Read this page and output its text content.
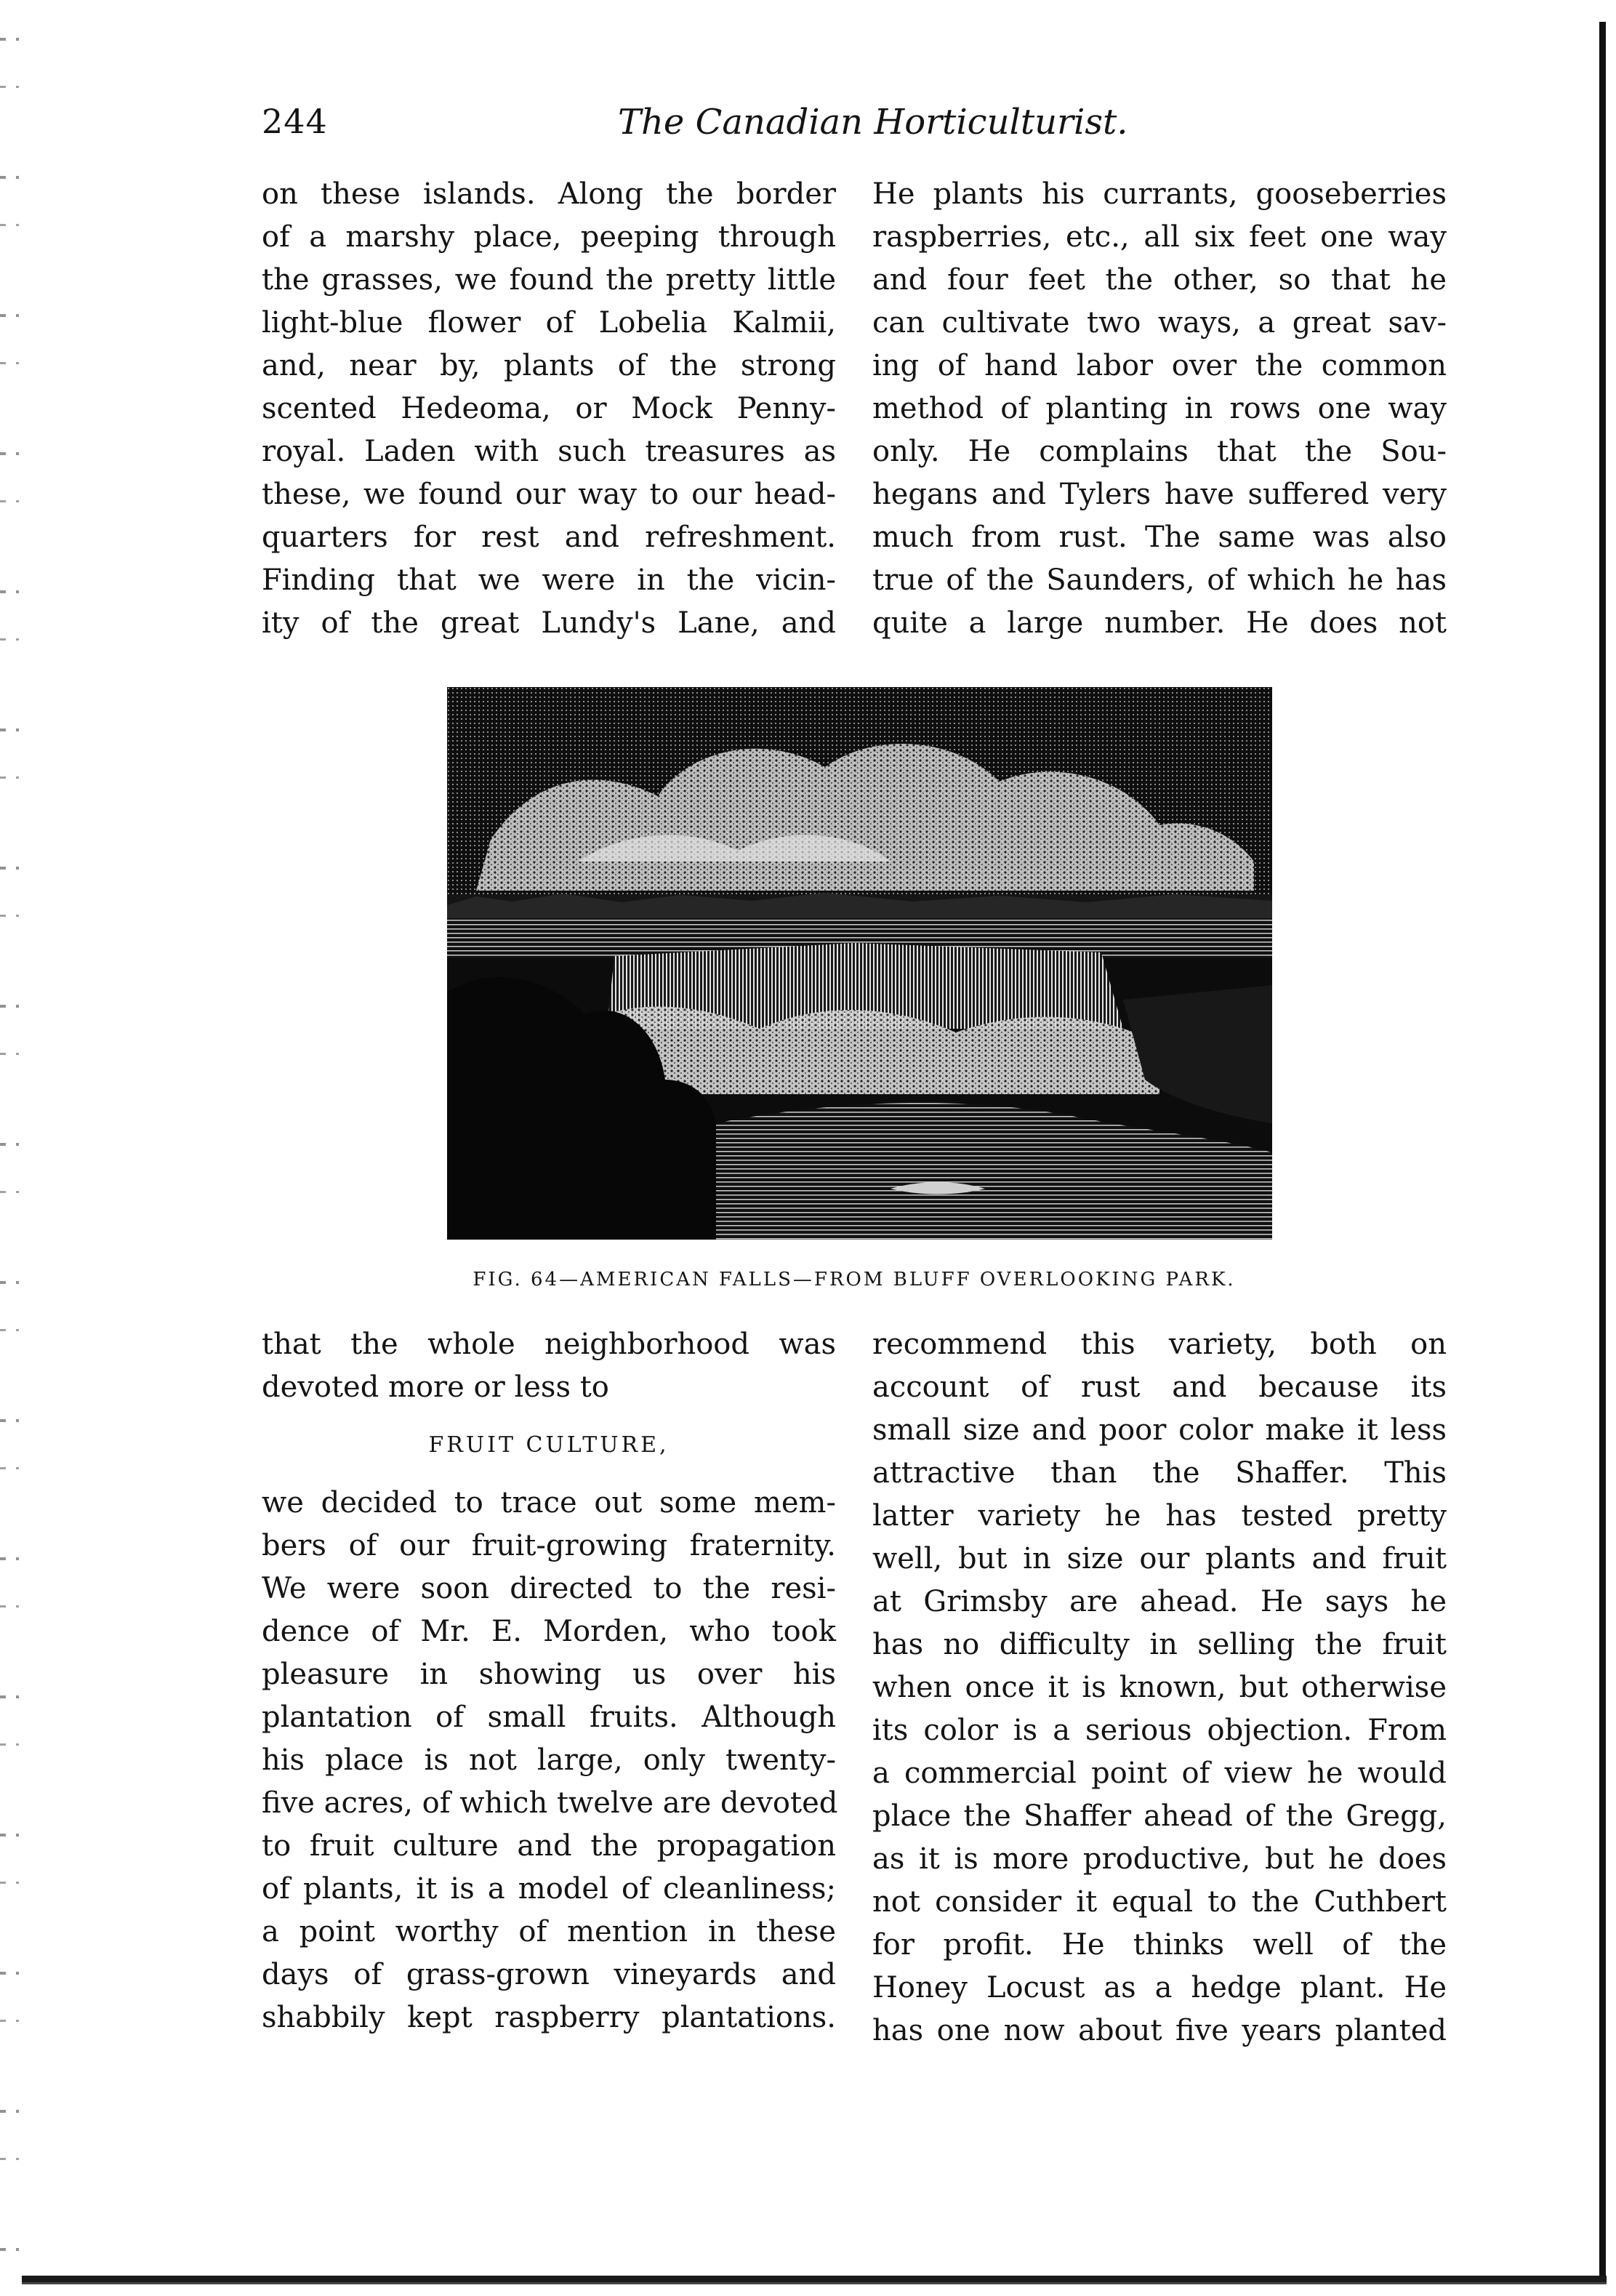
244	The Canadian Horticulturist.
on these islands. Along the border
of a marshy place, peeping through
the grasses, we found the pretty little
light-blue flower of Lobelia Kalmii,
and, near by, plants of the strong
scented Hedeoma, or Mock Penny-
royal. Laden with such treasures as
these, we found our way to our head-
quarters for rest and refreshment.
Finding that we were in the vicin-
ity of the great Lundy's Lane, and
He plants his currants, gooseberries
raspberries, etc., all six feet one way
and four feet the other, so that he
can cultivate two ways, a great sav-
ing of hand labor over the common
method of planting in rows one way
only. He complains that the Sou-
hegans and Tylers have suffered very
much from rust. The same was also
true of the Saunders, of which he has
quite a large number. He does not
FIG. 64—AMERICAN FALLS—FROM BLUFF OVERLOOKING PARK.
that the whole neighborhood was
devoted more or less to
FRUIT CULTURE,
we decided to trace out some mem-
bers of our fruit-growing fraternity.
We were soon directed to the resi-
dence of Mr. E. Morden, who took
pleasure in showing us over his
plantation of small fruits. Although
his place is not large, only twenty-
five acres, of which twelve are devoted
to fruit culture and the propagation
of plants, it is a model of cleanliness;
a point worthy of mention in these
days of grass-grown vineyards and
shabbily kept raspberry plantations.
recommend this variety, both on
account of rust and because its
small size and poor color make it less
attractive than the Shaffer. This
latter variety he has tested pretty
well, but in size our plants and fruit
at Grimsby are ahead. He says he
has no difficulty in selling the fruit
when once it is known, but otherwise
its color is a serious objection. From
a commercial point of view he would
place the Shaffer ahead of the Gregg,
as it is more productive, but he does
not consider it equal to the Cuthbert
for profit. He thinks well of the
Honey Locust as a hedge plant. He
has one now about five years planted
